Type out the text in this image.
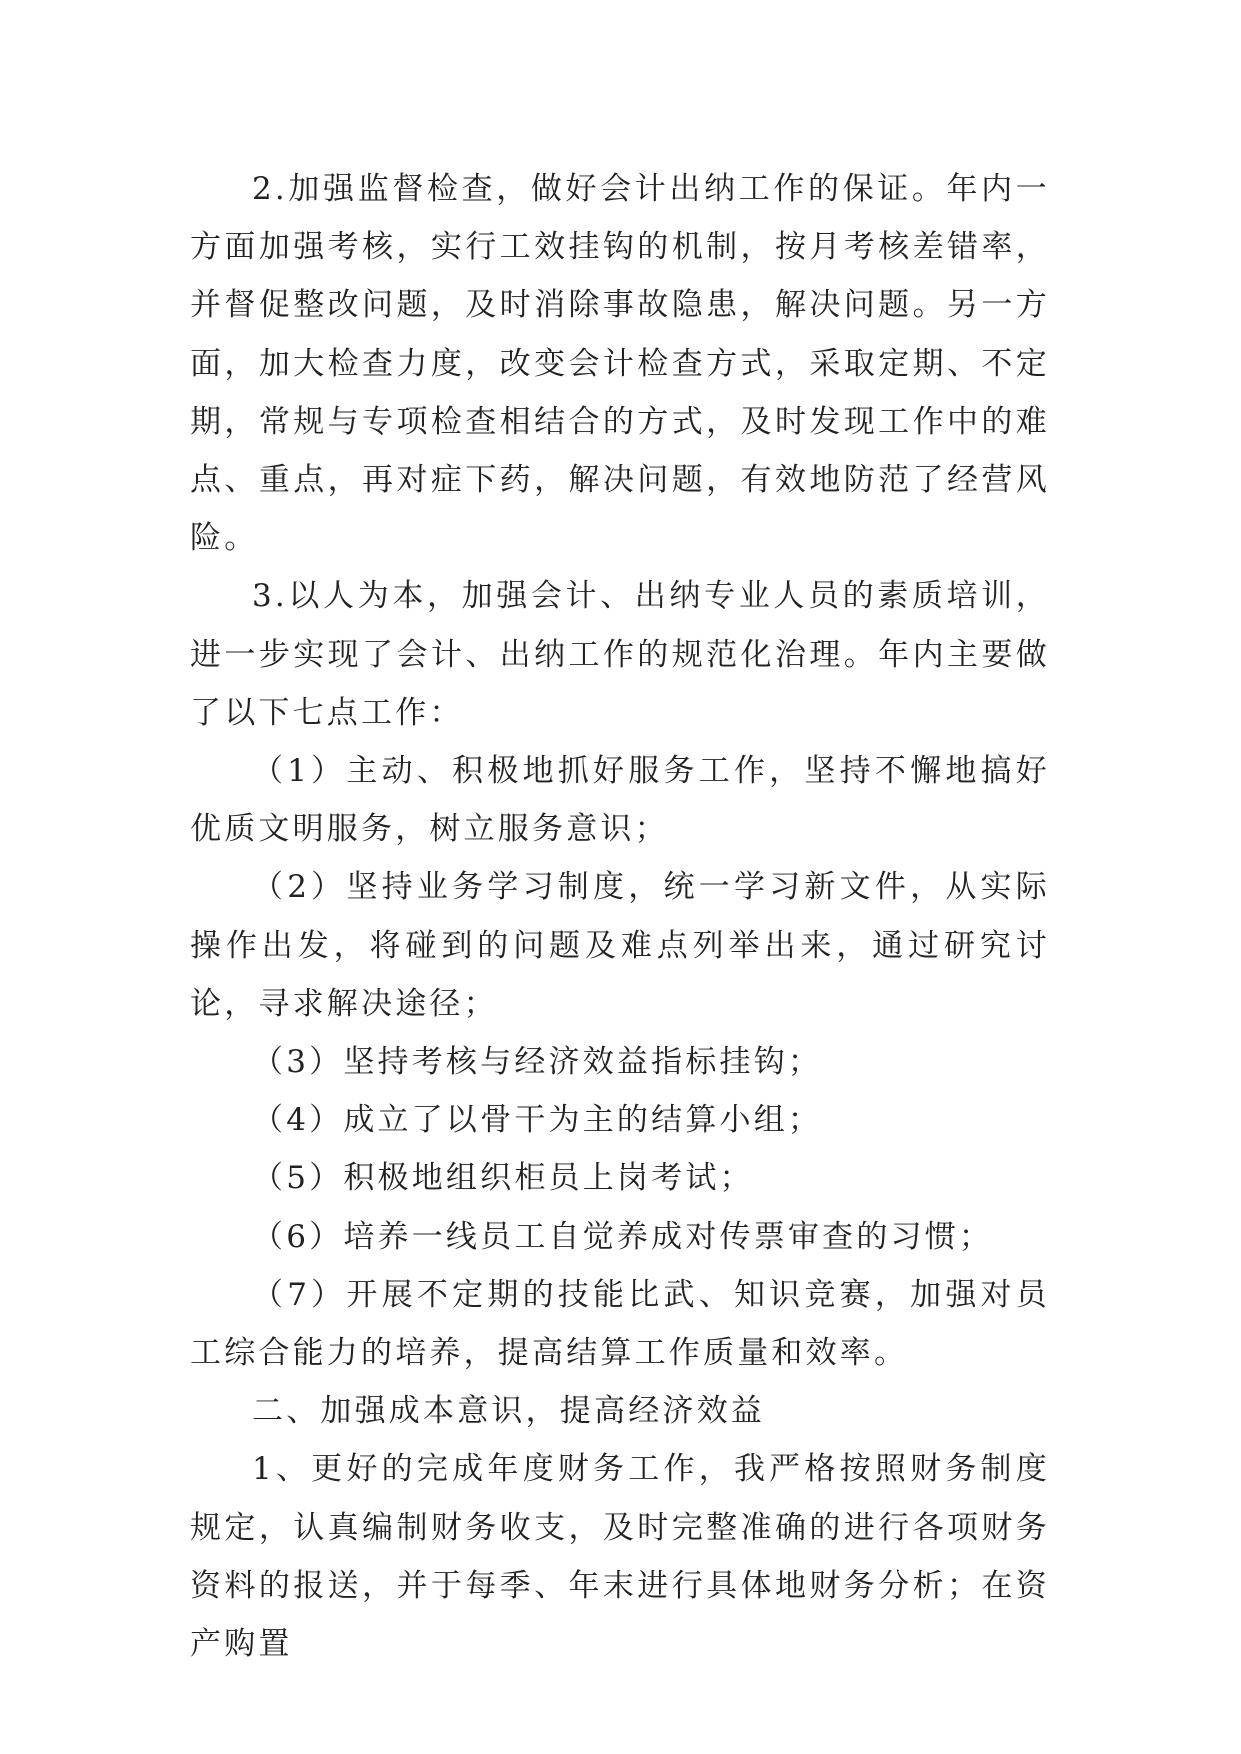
2.加强监督检查，做好会计出纳工作的保证。年内一方面加强考核，实行工效挂钩的机制，按月考核差错率，并督促整改问题，及时消除事故隐患，解决问题。另一方面，加大检查力度，改变会计检查方式，采取定期、不定期，常规与专项检查相结合的方式，及时发现工作中的难点、重点，再对症下药，解决问题，有效地防范了经营风险。

3.以人为本，加强会计、出纳专业人员的素质培训，进一步实现了会计、出纳工作的规范化治理。年内主要做了以下七点工作：

（1）主动、积极地抓好服务工作，坚持不懈地搞好优质文明服务，树立服务意识；

（2）坚持业务学习制度，统一学习新文件，从实际操作出发，将碰到的问题及难点列举出来，通过研究讨论，寻求解决途径；

（3）坚持考核与经济效益指标挂钩；

（4）成立了以骨干为主的结算小组；

（5）积极地组织柜员上岗考试；

（6）培养一线员工自觉养成对传票审查的习惯；

（7）开展不定期的技能比武、知识竞赛，加强对员工综合能力的培养，提高结算工作质量和效率。

二、加强成本意识，提高经济效益

1、更好的完成年度财务工作，我严格按照财务制度规定，认真编制财务收支，及时完整准确的进行各项财务资料的报送，并于每季、年末进行具体地财务分析；在资产购置
